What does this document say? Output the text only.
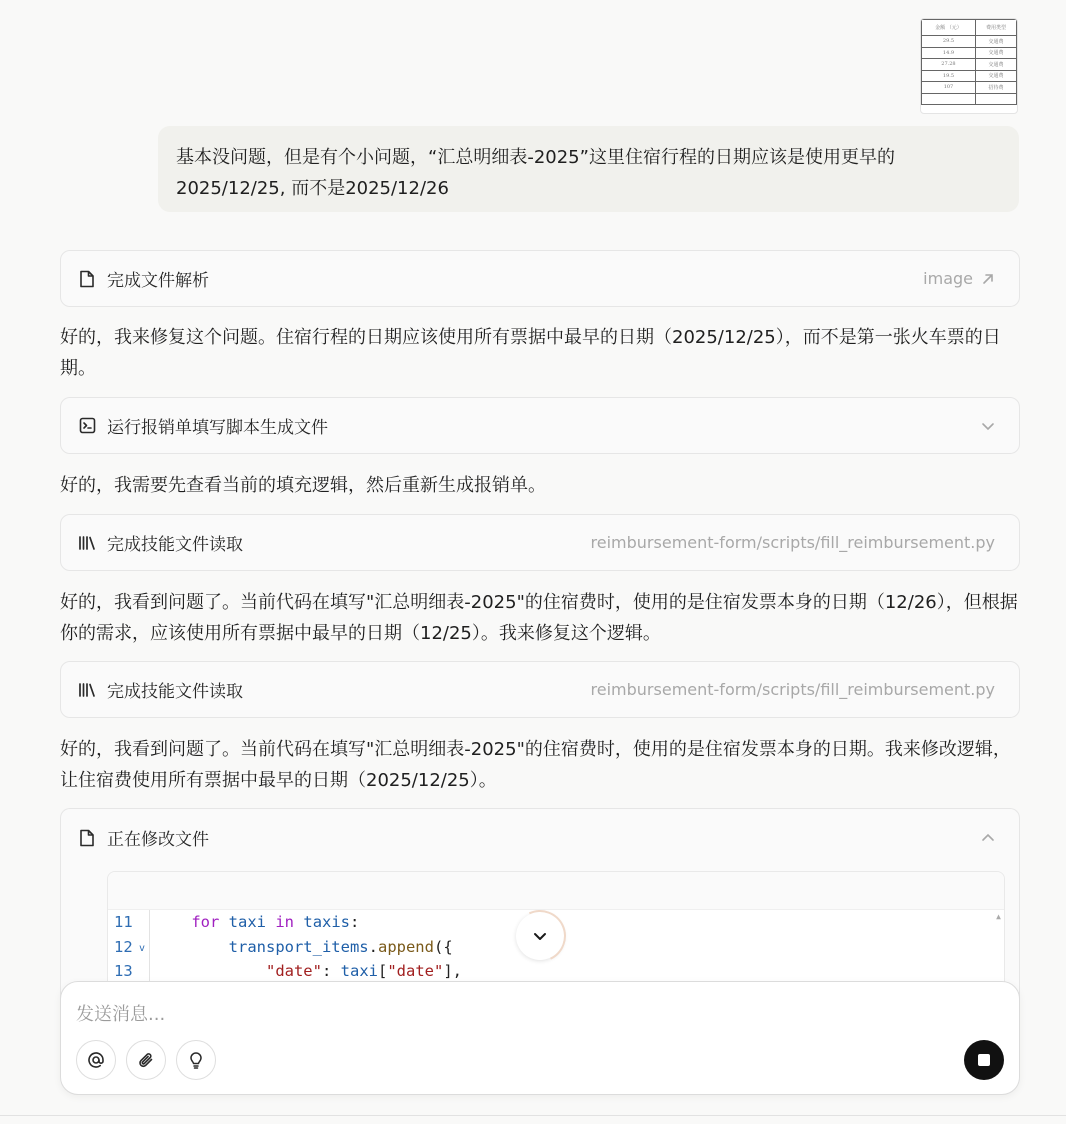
金额 （元）	费用类型
29.5	交通费
14.9	交通费
27.28	交通费
19.5	交通费
107	招待费

基本没问题，但是有个小问题，“汇总明细表-2025”这里住宿行程的日期应该是使用更早的2025/12/25, 而不是2025/12/26
完成文件解析	image
好的，我来修复这个问题。住宿行程的日期应该使用所有票据中最早的日期（2025/12/25），而不是第一张火车票的日期。
运行报销单填写脚本生成文件
好的，我需要先查看当前的填充逻辑，然后重新生成报销单。
完成技能文件读取	reimbursement-form/scripts/fill_reimbursement.py
好的，我看到问题了。当前代码在填写"汇总明细表-2025"的住宿费时，使用的是住宿发票本身的日期（12/26），但根据你的需求，应该使用所有票据中最早的日期（12/25）。我来修复这个逻辑。
完成技能文件读取	reimbursement-form/scripts/fill_reimbursement.py
好的，我看到问题了。当前代码在填写"汇总明细表-2025"的住宿费时，使用的是住宿发票本身的日期。我来修改逻辑，让住宿费使用所有票据中最早的日期（2025/12/25）。
正在修改文件
▲
11	for taxi in taxis:
12 v	transport_items.append({
13	"date": taxi["date"],
发送消息...
